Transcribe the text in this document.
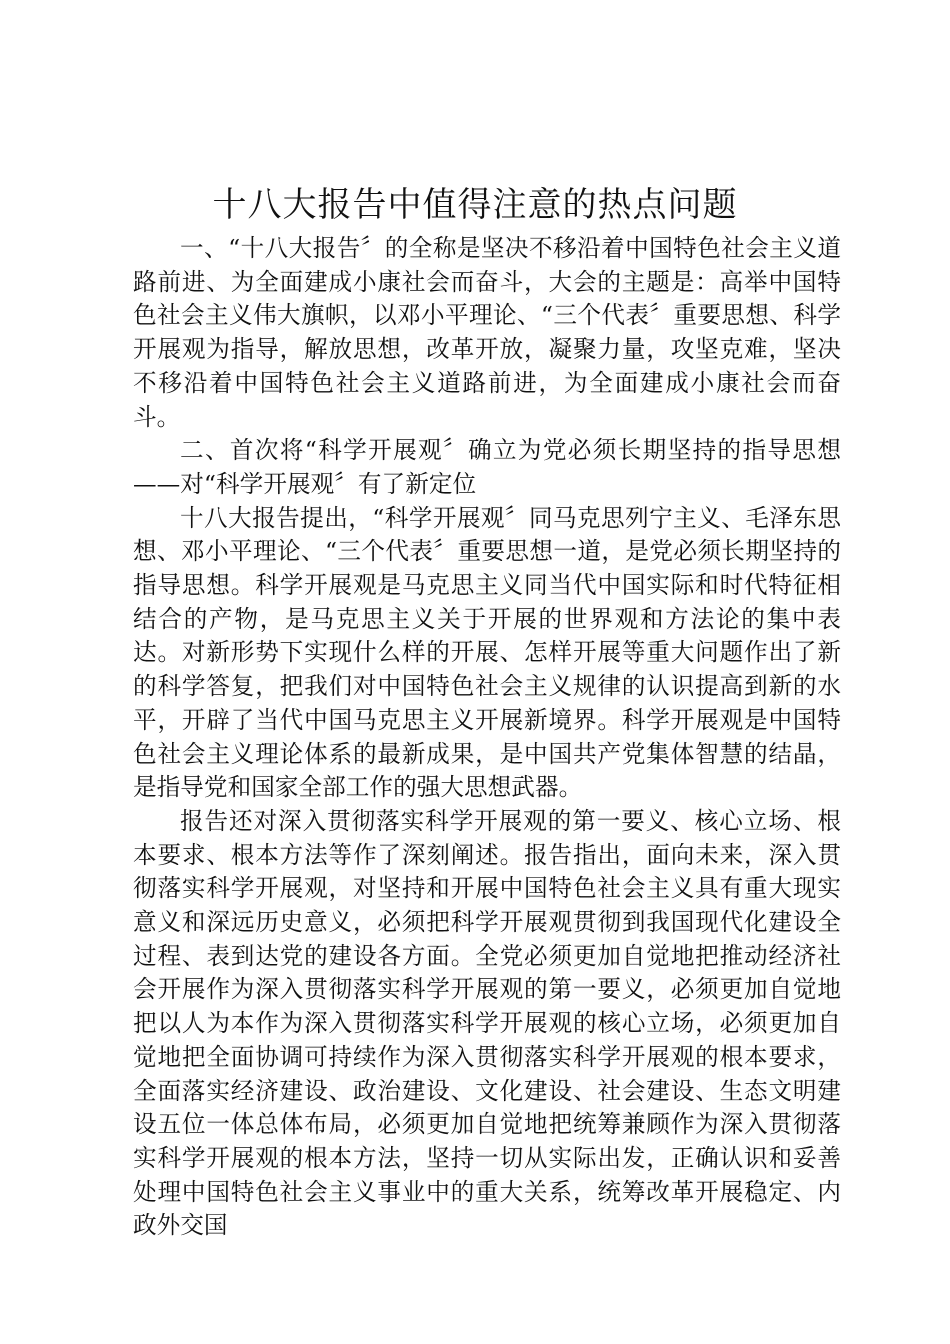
十八大报告中值得注意的热点问题

一、“十八大报告〞的全称是坚决不移沿着中国特色社会主义道路前进、为全面建成小康社会而奋斗，大会的主题是：高举中国特色社会主义伟大旗帜，以邓小平理论、“三个代表〞重要思想、科学开展观为指导，解放思想，改革开放，凝聚力量，攻坚克难，坚决不移沿着中国特色社会主义道路前进，为全面建成小康社会而奋斗。

二、首次将“科学开展观〞确立为党必须长期坚持的指导思想——对“科学开展观〞有了新定位

十八大报告提出，“科学开展观〞同马克思列宁主义、毛泽东思想、邓小平理论、“三个代表〞重要思想一道，是党必须长期坚持的指导思想。科学开展观是马克思主义同当代中国实际和时代特征相结合的产物，是马克思主义关于开展的世界观和方法论的集中表达。对新形势下实现什么样的开展、怎样开展等重大问题作出了新的科学答复，把我们对中国特色社会主义规律的认识提高到新的水平，开辟了当代中国马克思主义开展新境界。科学开展观是中国特色社会主义理论体系的最新成果，是中国共产党集体智慧的结晶，是指导党和国家全部工作的强大思想武器。

报告还对深入贯彻落实科学开展观的第一要义、核心立场、根本要求、根本方法等作了深刻阐述。报告指出，面向未来，深入贯彻落实科学开展观，对坚持和开展中国特色社会主义具有重大现实意义和深远历史意义，必须把科学开展观贯彻到我国现代化建设全过程、表到达党的建设各方面。全党必须更加自觉地把推动经济社会开展作为深入贯彻落实科学开展观的第一要义，必须更加自觉地把以人为本作为深入贯彻落实科学开展观的核心立场，必须更加自觉地把全面协调可持续作为深入贯彻落实科学开展观的根本要求，全面落实经济建设、政治建设、文化建设、社会建设、生态文明建设五位一体总体布局，必须更加自觉地把统筹兼顾作为深入贯彻落实科学开展观的根本方法，坚持一切从实际出发，正确认识和妥善处理中国特色社会主义事业中的重大关系，统筹改革开展稳定、内政外交国
